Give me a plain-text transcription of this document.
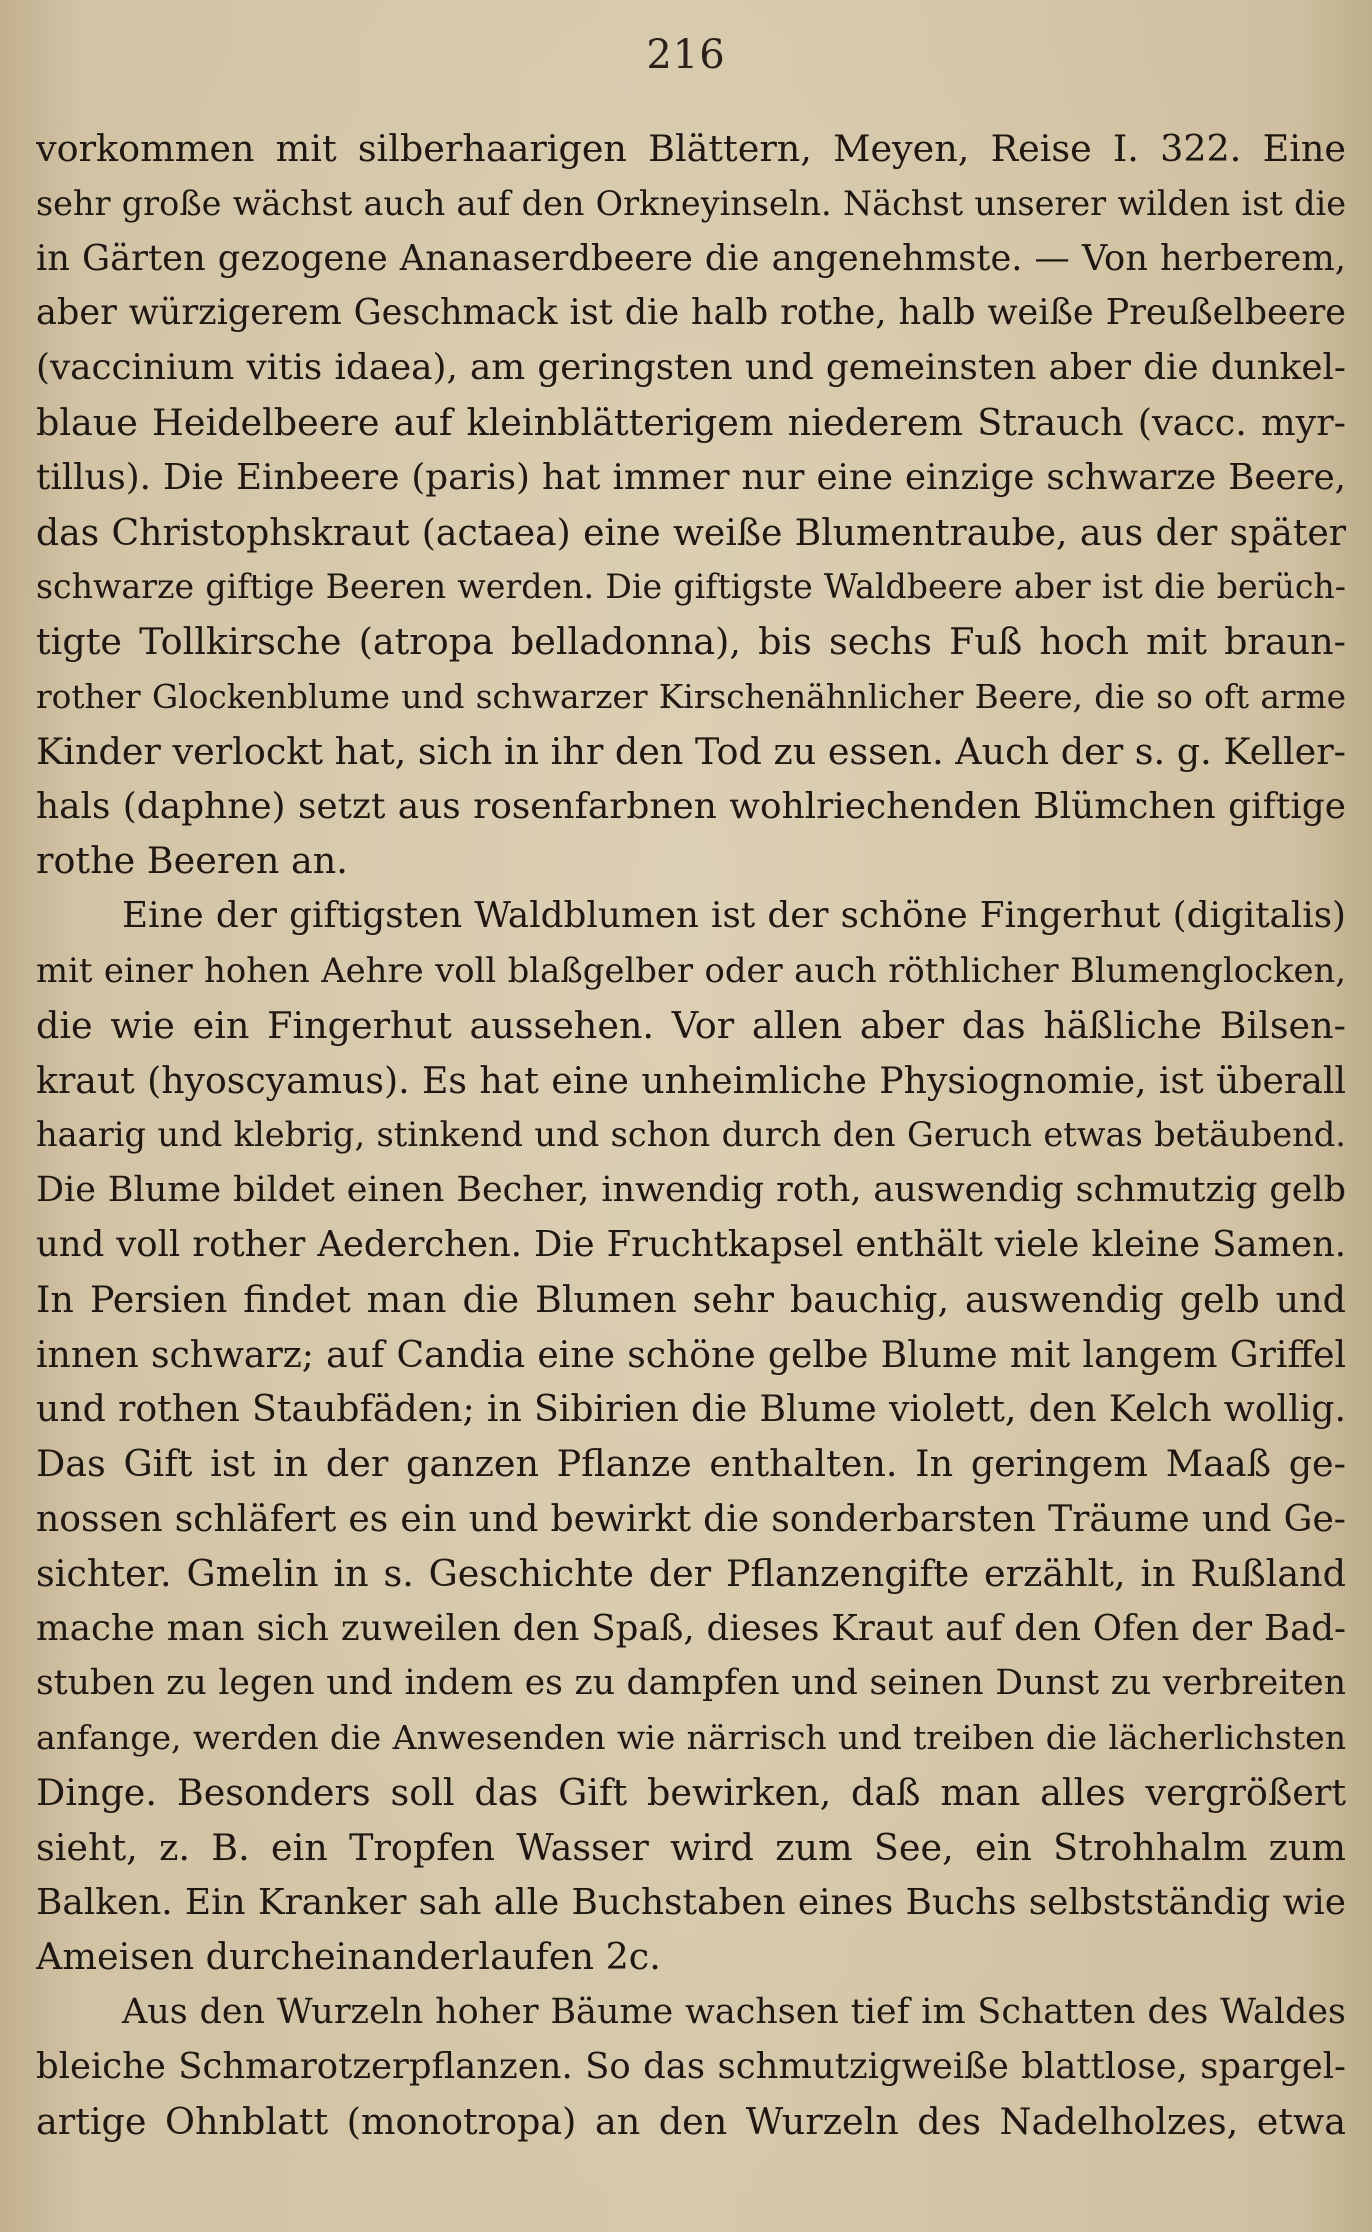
216
vorkommen mit silberhaarigen Blättern, Meyen, Reise I. 322. Eine
sehr große wächst auch auf den Orkneyinseln. Nächst unserer wilden ist die
in Gärten gezogene Ananaserdbeere die angenehmste. — Von herberem,
aber würzigerem Geschmack ist die halb rothe, halb weiße Preußelbeere
(vaccinium vitis idaea), am geringsten und gemeinsten aber die dunkel-
blaue Heidelbeere auf kleinblätterigem niederem Strauch (vacc. myr-
tillus). Die Einbeere (paris) hat immer nur eine einzige schwarze Beere,
das Christophskraut (actaea) eine weiße Blumentraube, aus der später
schwarze giftige Beeren werden. Die giftigste Waldbeere aber ist die berüch-
tigte Tollkirsche (atropa belladonna), bis sechs Fuß hoch mit braun-
rother Glockenblume und schwarzer Kirschenähnlicher Beere, die so oft arme
Kinder verlockt hat, sich in ihr den Tod zu essen. Auch der s. g. Keller-
hals (daphne) setzt aus rosenfarbnen wohlriechenden Blümchen giftige
rothe Beeren an.
Eine der giftigsten Waldblumen ist der schöne Fingerhut (digitalis)
mit einer hohen Aehre voll blaßgelber oder auch röthlicher Blumenglocken,
die wie ein Fingerhut aussehen. Vor allen aber das häßliche Bilsen-
kraut (hyoscyamus). Es hat eine unheimliche Physiognomie, ist überall
haarig und klebrig, stinkend und schon durch den Geruch etwas betäubend.
Die Blume bildet einen Becher, inwendig roth, auswendig schmutzig gelb
und voll rother Aederchen. Die Fruchtkapsel enthält viele kleine Samen.
In Persien findet man die Blumen sehr bauchig, auswendig gelb und
innen schwarz; auf Candia eine schöne gelbe Blume mit langem Griffel
und rothen Staubfäden; in Sibirien die Blume violett, den Kelch wollig.
Das Gift ist in der ganzen Pflanze enthalten. In geringem Maaß ge-
nossen schläfert es ein und bewirkt die sonderbarsten Träume und Ge-
sichter. Gmelin in s. Geschichte der Pflanzengifte erzählt, in Rußland
mache man sich zuweilen den Spaß, dieses Kraut auf den Ofen der Bad-
stuben zu legen und indem es zu dampfen und seinen Dunst zu verbreiten
anfange, werden die Anwesenden wie närrisch und treiben die lächerlichsten
Dinge. Besonders soll das Gift bewirken, daß man alles vergrößert
sieht, z. B. ein Tropfen Wasser wird zum See, ein Strohhalm zum
Balken. Ein Kranker sah alle Buchstaben eines Buchs selbstständig wie
Ameisen durcheinanderlaufen 2c.
Aus den Wurzeln hoher Bäume wachsen tief im Schatten des Waldes
bleiche Schmarotzerpflanzen. So das schmutzigweiße blattlose, spargel-
artige Ohnblatt (monotropa) an den Wurzeln des Nadelholzes, etwa
